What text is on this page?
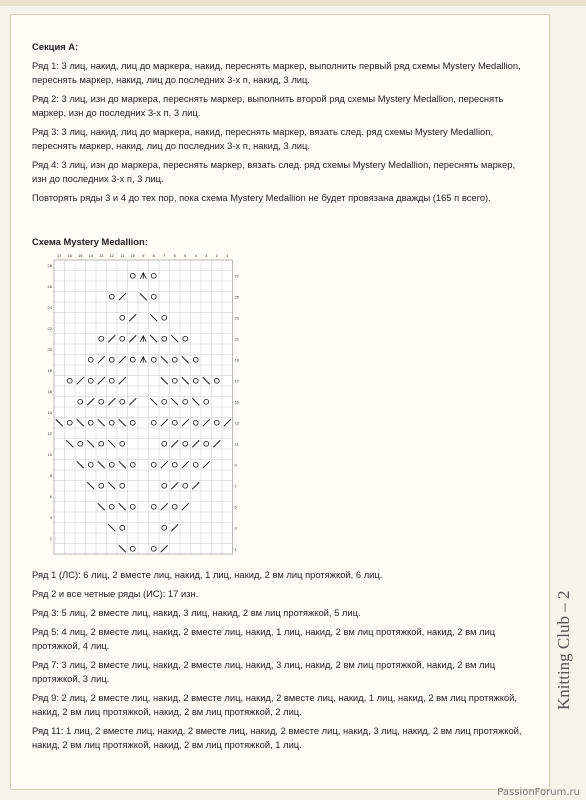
Секция А:

Ряд 1: 3 лиц, накид, лиц до маркера, накид, переснять маркер, выполнить первый ряд схемы Mystery Medallion, переснять маркер, накид, лиц до последних 3-х п, накид, 3 лиц.

Ряд 2: 3 лиц, изн до маркера, переснять маркер, выполнить второй ряд схемы Mystery Medallion, переснять маркер, изн до последних 3-х п, 3 лиц.

Ряд 3: 3 лиц, накид, лиц до маркера, накид, переснять маркер, вязать след. ряд схемы Mystery Medallion, переснять маркер, накид, лиц до последних 3-х п, накид, 3 лиц.

Ряд 4: 3 лиц, изн до маркера, переснять маркер, вязать след. ряд схемы Mystery Medallion, переснять маркер, изн до последних 3-х п, 3 лиц.

Повторять ряды 3 и 4 до тех пор, пока схема Mystery Medallion не будет провязана дважды (165 п всего).

Схема Mystery Medallion:
17 16 15 14 13 12 11 10 9 8 7 6 5 4 3 2 1
28
27
26
25
24
23
22
21
20
19
18
17
16
15
14
13
12
11
10
9
8
7
6
5
4
3
2
1

Ряд 1 (ЛС): 6 лиц, 2 вместе лиц, накид, 1 лиц, накид, 2 вм лиц протяжкой, 6 лиц.

Ряд 2 и все четные ряды (ИС): 17 изн.

Ряд 3: 5 лиц, 2 вместе лиц, накид, 3 лиц, накид, 2 вм лиц протяжкой, 5 лиц.

Ряд 5: 4 лиц, 2 вместе лиц, накид, 2 вместе лиц, накид, 1 лиц, накид, 2 вм лиц протяжкой, накид, 2 вм лиц протяжкой, 4 лиц.

Ряд 7: 3 лиц, 2 вместе лиц, накид, 2 вместе лиц, накид, 3 лиц, накид, 2 вм лиц протяжкой, накид, 2 вм лиц протяжкой, 3 лиц.

Ряд 9: 2 лиц, 2 вместе лиц, накид, 2 вместе лиц, накид, 2 вместе лиц, накид, 1 лиц, накид, 2 вм лиц протяжкой, накид, 2 вм лиц протяжкой, накид, 2 вм лиц протяжкой, 2 лиц.

Ряд 11: 1 лиц, 2 вместе лиц, накид, 2 вместе лиц, накид, 2 вместе лиц, накид, 3 лиц, накид, 2 вм лиц протяжкой, накид, 2 вм лиц протяжкой, накид, 2 вм лиц протяжкой, 1 лиц.

Knitting Club – 2
PassionForum.ru
